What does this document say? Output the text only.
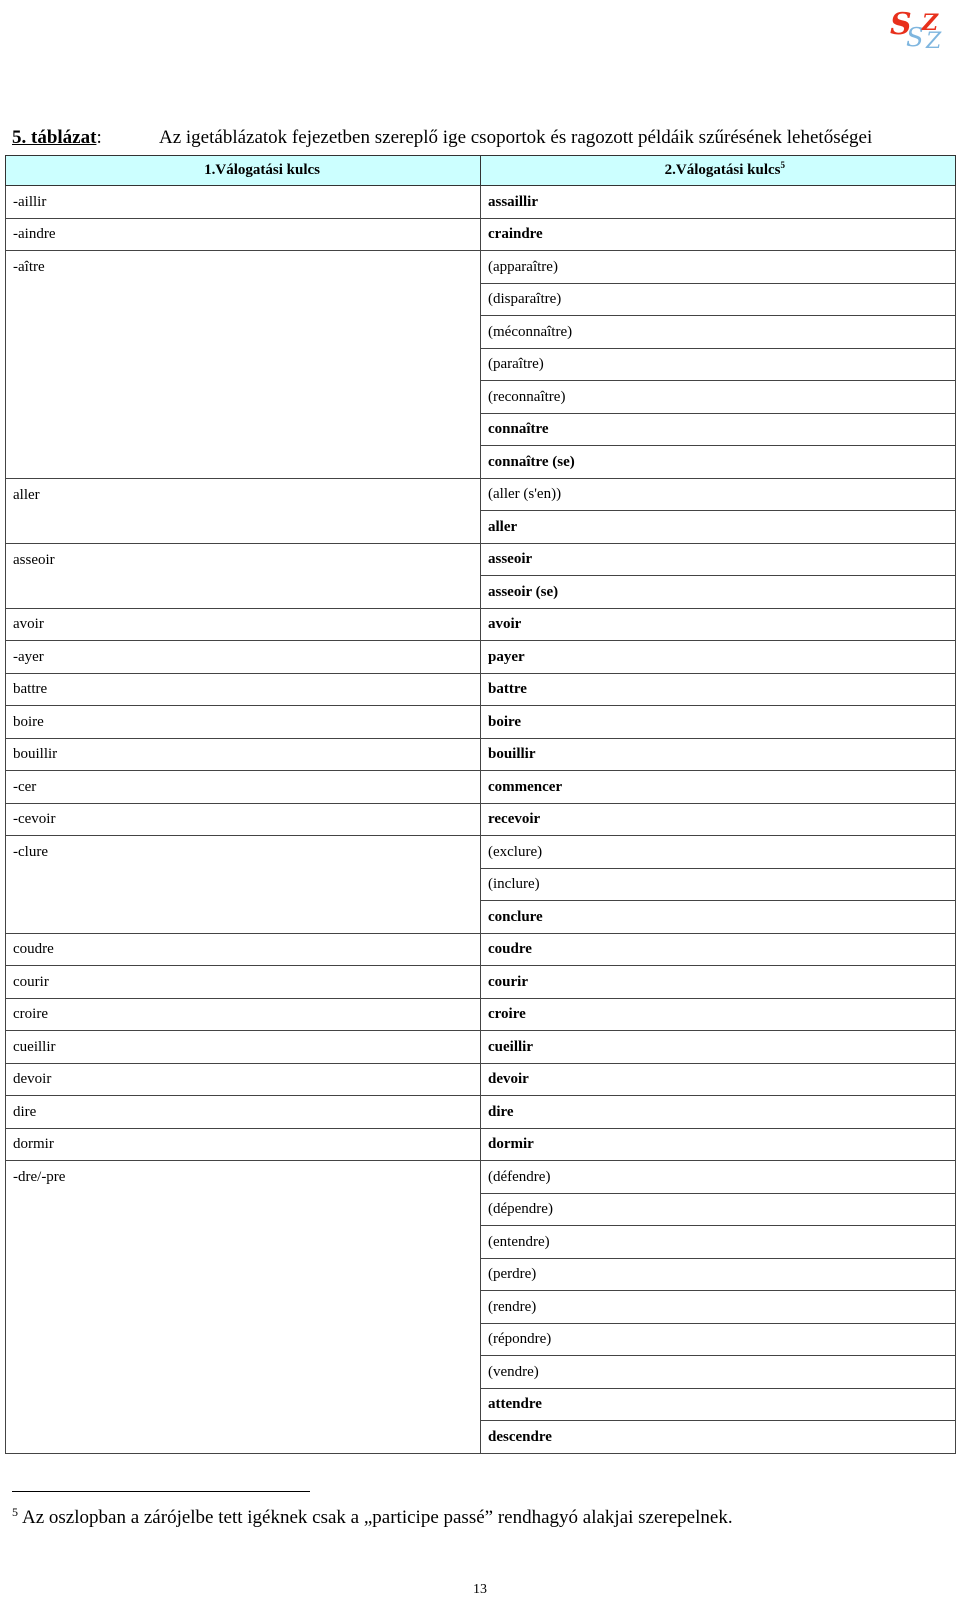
S
S
Z
Z
5. táblázat:	Az igetáblázatok fejezetben szereplő ige csoportok és ragozott példáik szűrésének lehetőségei
1.Válogatási kulcs	2.Válogatási kulcs$^5$
-aillir	assaillir
-aindre	craindre
-aître	(apparaître)
	(disparaître)
	(méconnaître)
	(paraître)
	(reconnaître)
	connaître
	connaître (se)
aller	(aller (s'en))
	aller
asseoir	asseoir
	asseoir (se)
avoir	avoir
-ayer	payer
battre	battre
boire	boire
bouillir	bouillir
-cer	commencer
-cevoir	recevoir
-clure	(exclure)
	(inclure)
	conclure
coudre	coudre
courir	courir
croire	croire
cueillir	cueillir
devoir	devoir
dire	dire
dormir	dormir
-dre/-pre	(défendre)
	(dépendre)
	(entendre)
	(perdre)
	(rendre)
	(répondre)
	(vendre)
	attendre
	descendre
$^5$ Az oszlopban a zárójelbe tett igéknek csak a „participe passé” rendhagyó alakjai szerepelnek.
13
